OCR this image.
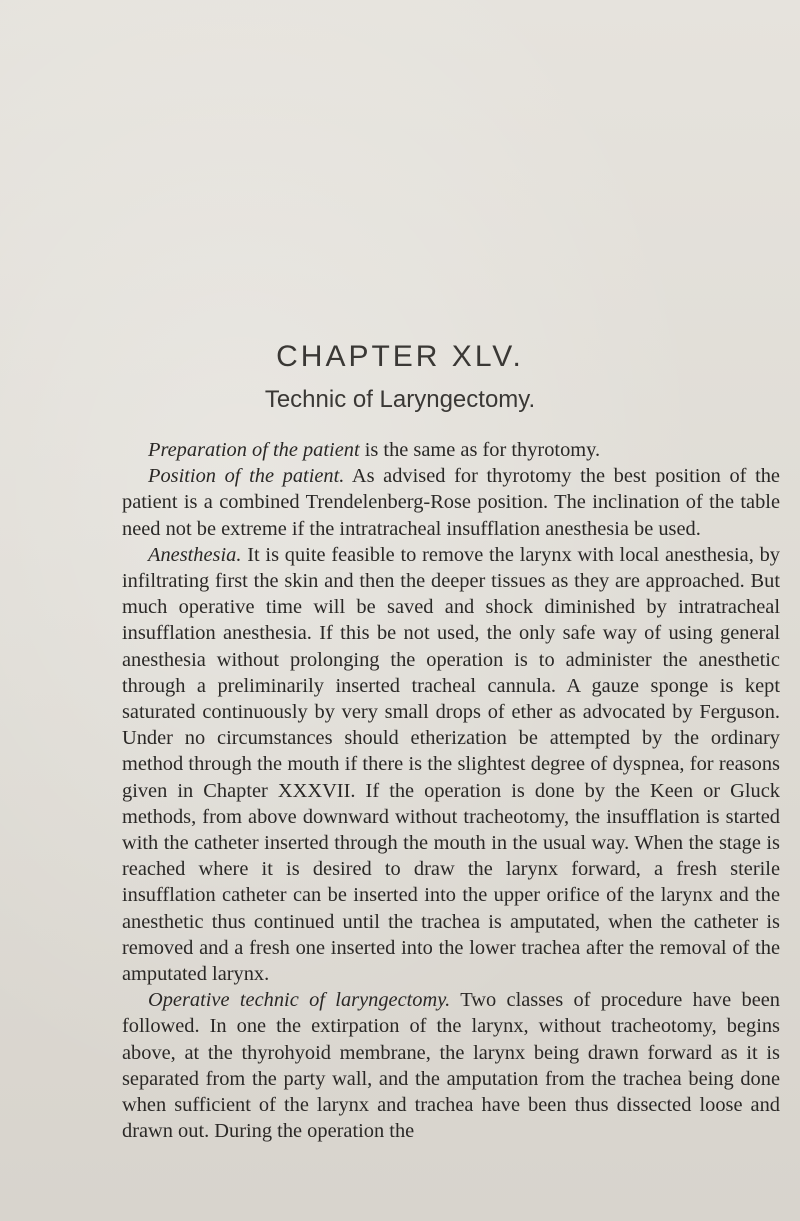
CHAPTER XLV.
Technic of Laryngectomy.

Preparation of the patient is the same as for thyrotomy.

Position of the patient. As advised for thyrotomy the best position of the patient is a combined Trendelenberg-Rose position. The inclination of the table need not be extreme if the intratracheal insufflation anesthesia be used.

Anesthesia. It is quite feasible to remove the larynx with local anesthesia, by infiltrating first the skin and then the deeper tissues as they are approached. But much operative time will be saved and shock diminished by intratracheal insufflation anesthesia. If this be not used, the only safe way of using general anesthesia without prolonging the operation is to administer the anesthetic through a preliminarily inserted tracheal cannula. A gauze sponge is kept saturated continuously by very small drops of ether as advocated by Ferguson. Under no circumstances should etherization be attempted by the ordinary method through the mouth if there is the slightest degree of dyspnea, for reasons given in Chapter XXXVII. If the operation is done by the Keen or Gluck methods, from above downward without tracheotomy, the insufflation is started with the catheter inserted through the mouth in the usual way. When the stage is reached where it is desired to draw the larynx forward, a fresh sterile insufflation catheter can be inserted into the upper orifice of the larynx and the anesthetic thus continued until the trachea is amputated, when the catheter is removed and a fresh one inserted into the lower trachea after the removal of the amputated larynx.

Operative technic of laryngectomy. Two classes of procedure have been followed. In one the extirpation of the larynx, without tracheotomy, begins above, at the thyrohyoid membrane, the larynx being drawn forward as it is separated from the party wall, and the amputation from the trachea being done when sufficient of the larynx and trachea have been thus dissected loose and drawn out. During the operation the
